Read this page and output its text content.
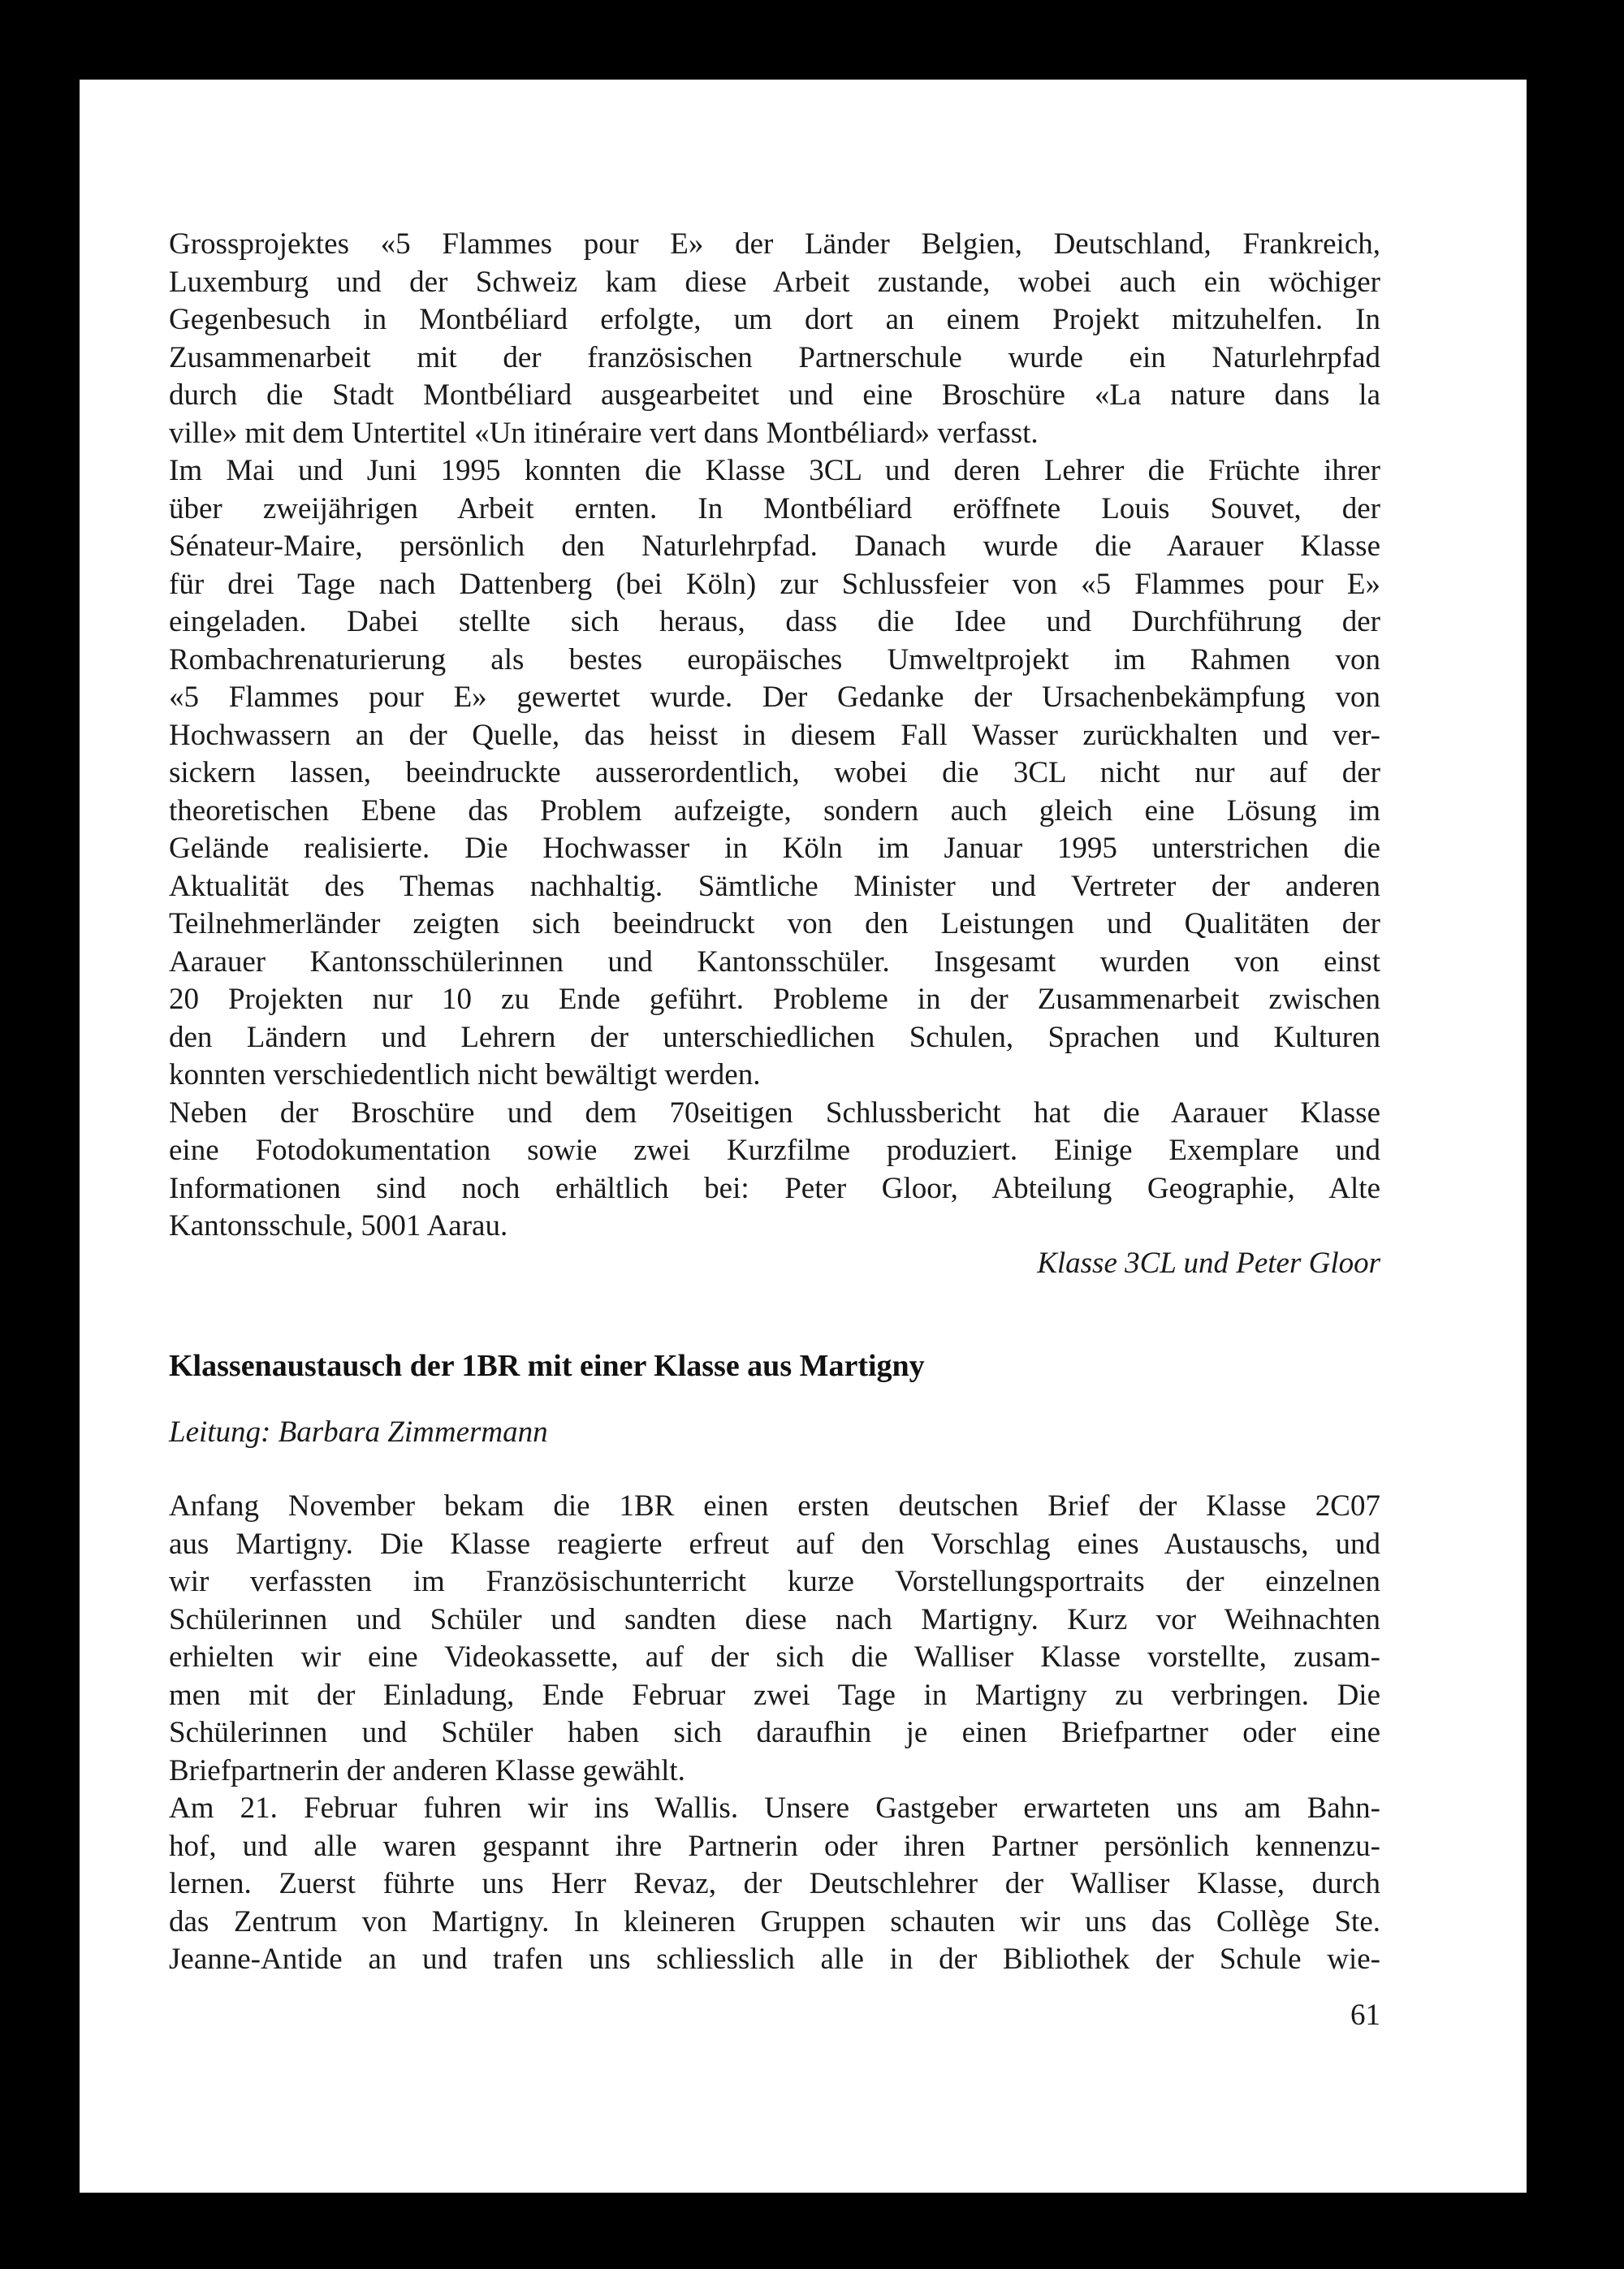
Grossprojektes «5 Flammes pour E» der Länder Belgien, Deutschland, Frankreich,
Luxemburg und der Schweiz kam diese Arbeit zustande, wobei auch ein wöchiger
Gegenbesuch in Montbéliard erfolgte, um dort an einem Projekt mitzuhelfen. In
Zusammenarbeit mit der französischen Partnerschule wurde ein Naturlehrpfad
durch die Stadt Montbéliard ausgearbeitet und eine Broschüre «La nature dans la
ville» mit dem Untertitel «Un itinéraire vert dans Montbéliard» verfasst.
Im Mai und Juni 1995 konnten die Klasse 3CL und deren Lehrer die Früchte ihrer
über zweijährigen Arbeit ernten. In Montbéliard eröffnete Louis Souvet, der
Sénateur-Maire, persönlich den Naturlehrpfad. Danach wurde die Aarauer Klasse
für drei Tage nach Dattenberg (bei Köln) zur Schlussfeier von «5 Flammes pour E»
eingeladen. Dabei stellte sich heraus, dass die Idee und Durchführung der
Rombachrenaturierung als bestes europäisches Umweltprojekt im Rahmen von
«5 Flammes pour E» gewertet wurde. Der Gedanke der Ursachenbekämpfung von
Hochwassern an der Quelle, das heisst in diesem Fall Wasser zurückhalten und ver-
sickern lassen, beeindruckte ausserordentlich, wobei die 3CL nicht nur auf der
theoretischen Ebene das Problem aufzeigte, sondern auch gleich eine Lösung im
Gelände realisierte. Die Hochwasser in Köln im Januar 1995 unterstrichen die
Aktualität des Themas nachhaltig. Sämtliche Minister und Vertreter der anderen
Teilnehmerländer zeigten sich beeindruckt von den Leistungen und Qualitäten der
Aarauer Kantonsschülerinnen und Kantonsschüler. Insgesamt wurden von einst
20 Projekten nur 10 zu Ende geführt. Probleme in der Zusammenarbeit zwischen
den Ländern und Lehrern der unterschiedlichen Schulen, Sprachen und Kulturen
konnten verschiedentlich nicht bewältigt werden.
Neben der Broschüre und dem 70seitigen Schlussbericht hat die Aarauer Klasse
eine Fotodokumentation sowie zwei Kurzfilme produziert. Einige Exemplare und
Informationen sind noch erhältlich bei: Peter Gloor, Abteilung Geographie, Alte
Kantonsschule, 5001 Aarau.
Klasse 3CL und Peter Gloor
Klassenaustausch der 1BR mit einer Klasse aus Martigny
Leitung: Barbara Zimmermann
Anfang November bekam die 1BR einen ersten deutschen Brief der Klasse 2C07
aus Martigny. Die Klasse reagierte erfreut auf den Vorschlag eines Austauschs, und
wir verfassten im Französischunterricht kurze Vorstellungsportraits der einzelnen
Schülerinnen und Schüler und sandten diese nach Martigny. Kurz vor Weihnachten
erhielten wir eine Videokassette, auf der sich die Walliser Klasse vorstellte, zusam-
men mit der Einladung, Ende Februar zwei Tage in Martigny zu verbringen. Die
Schülerinnen und Schüler haben sich daraufhin je einen Briefpartner oder eine
Briefpartnerin der anderen Klasse gewählt.
Am 21. Februar fuhren wir ins Wallis. Unsere Gastgeber erwarteten uns am Bahn-
hof, und alle waren gespannt ihre Partnerin oder ihren Partner persönlich kennenzu-
lernen. Zuerst führte uns Herr Revaz, der Deutschlehrer der Walliser Klasse, durch
das Zentrum von Martigny. In kleineren Gruppen schauten wir uns das Collège Ste.
Jeanne-Antide an und trafen uns schliesslich alle in der Bibliothek der Schule wie-
61
